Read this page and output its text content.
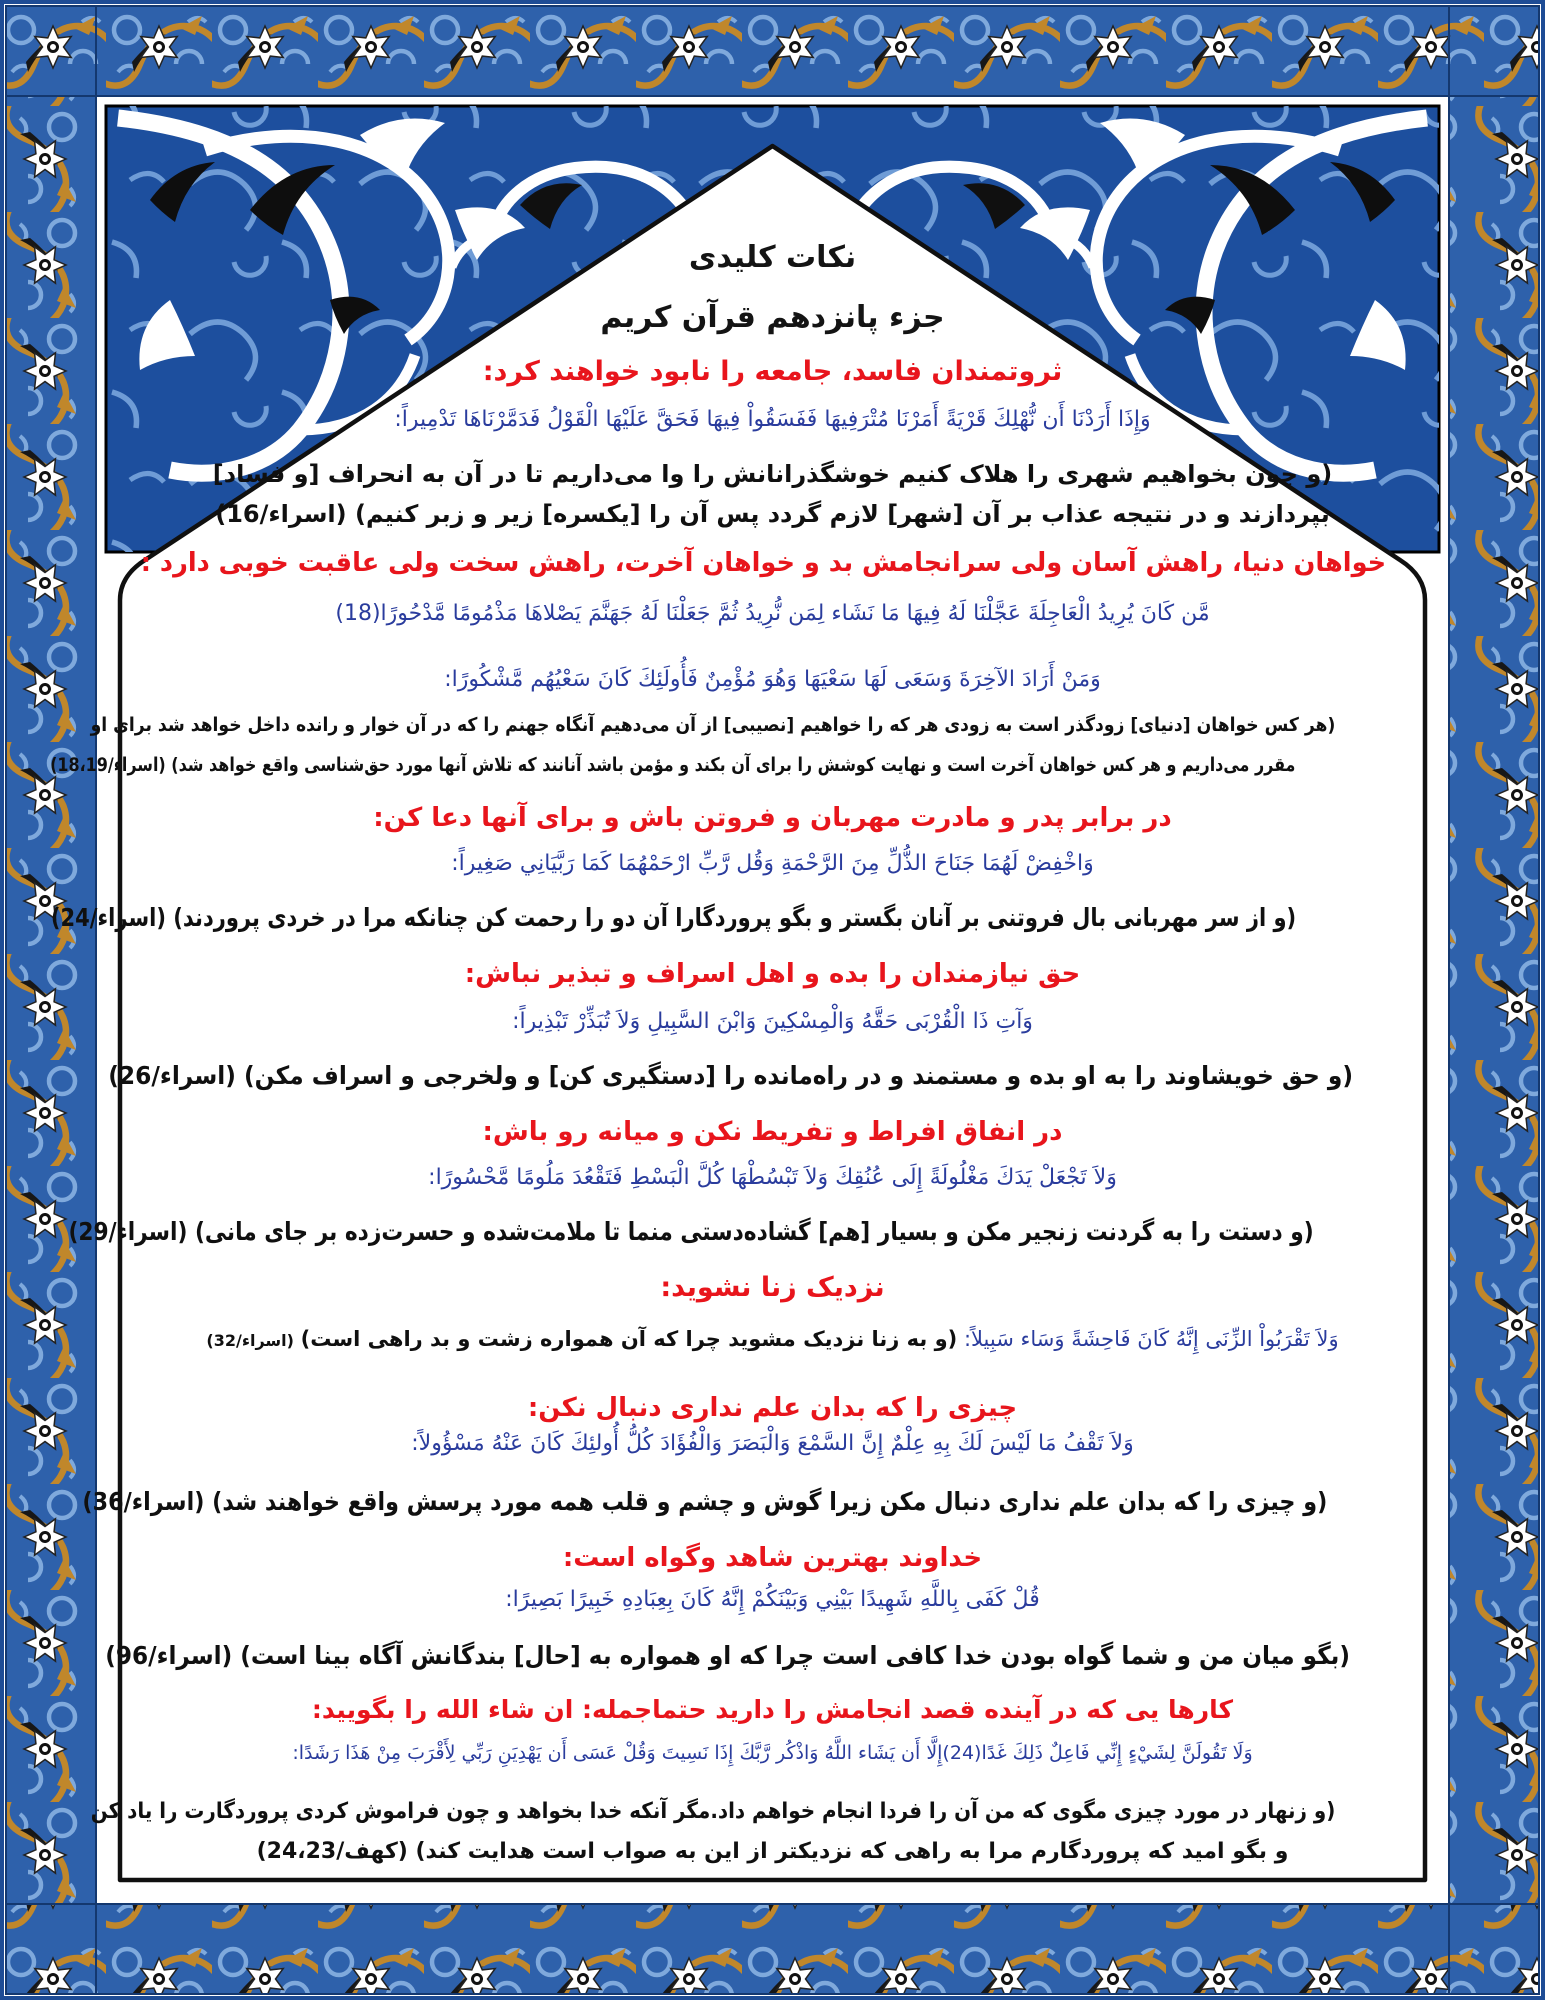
نکات کلیدی
جزء پانزدهم قرآن کریم
ثروتمندان فاسد، جامعه را نابود خواهند کرد:
وَإِذَا أَرَدْنَا أَن نُّهْلِكَ قَرْيَةً أَمَرْنَا مُتْرَفِيهَا فَفَسَقُواْ فِيهَا فَحَقَّ عَلَيْهَا الْقَوْلُ فَدَمَّرْنَاهَا تَدْمِيراً:
(و چون بخواهیم شهری را هلاک کنیم خوشگذرانانش را وا می‌داریم تا در آن به انحراف [و فساد]
بپردازند و در نتیجه عذاب بر آن [شهر] لازم گردد پس آن را [یکسره] زیر و زبر کنیم) (اسراء/16)
خواهان دنیا، راهش آسان ولی سرانجامش بد و خواهان آخرت، راهش سخت ولی عاقبت خوبی دارد :
مَّن كَانَ يُرِيدُ الْعَاجِلَةَ عَجَّلْنَا لَهُ فِيهَا مَا نَشَاء لِمَن نُّرِيدُ ثُمَّ جَعَلْنَا لَهُ جَهَنَّمَ يَصْلاهَا مَذْمُومًا مَّدْحُورًا(18)
وَمَنْ أَرَادَ الآخِرَةَ وَسَعَى لَهَا سَعْيَهَا وَهُوَ مُؤْمِنٌ فَأُولَئِكَ كَانَ سَعْيُهُم مَّشْكُورًا:
(هر کس خواهان [دنیای] زودگذر است به زودی هر که را خواهیم [نصیبی] از آن می‌دهیم آنگاه جهنم را که در آن خوار و رانده داخل خواهد شد برای او
مقرر می‌داریم و هر کس خواهان آخرت است و نهایت کوشش را برای آن بکند و مؤمن باشد آنانند که تلاش آنها مورد حق‌شناسی واقع خواهد شد) (اسراء/18،19)
در برابر پدر و مادرت مهربان و فروتن باش و برای آنها دعا کن:
وَاخْفِضْ لَهُمَا جَنَاحَ الذُّلِّ مِنَ الرَّحْمَةِ وَقُل رَّبِّ ارْحَمْهُمَا كَمَا رَبَّيَانِي صَغِيراً:
(و از سر مهربانی بال فروتنی بر آنان بگستر و بگو پروردگارا آن دو را رحمت کن چنانکه مرا در خردی پروردند) (اسراء/24)
حق نیازمندان را بده و اهل اسراف و تبذیر نباش:
وَآتِ ذَا الْقُرْبَى حَقَّهُ وَالْمِسْكِينَ وَابْنَ السَّبِيلِ وَلاَ تُبَذِّرْ تَبْذِيراً:
(و حق خویشاوند را به او بده و مستمند و در راه‌مانده را [دستگیری کن] و ولخرجی و اسراف مکن) (اسراء/26)
در انفاق افراط و تفریط نکن و میانه رو باش:
وَلاَ تَجْعَلْ يَدَكَ مَغْلُولَةً إِلَى عُنُقِكَ وَلاَ تَبْسُطْهَا كُلَّ الْبَسْطِ فَتَقْعُدَ مَلُومًا مَّحْسُورًا:
(و دستت را به گردنت زنجیر مکن و بسیار [هم] گشاده‌دستی منما تا ملامت‌شده و حسرت‌زده بر جای مانی) (اسراء/29)
نزدیک زنا نشوید:
وَلاَ تَقْرَبُواْ الزِّنَى إِنَّهُ كَانَ فَاحِشَةً وَسَاء سَبِيلاً: (و به زنا نزدیک مشوید چرا که آن همواره زشت و بد راهی است) (اسراء/32)
چیزی را که بدان علم نداری دنبال نکن:
وَلاَ تَقْفُ مَا لَيْسَ لَكَ بِهِ عِلْمٌ إِنَّ السَّمْعَ وَالْبَصَرَ وَالْفُؤَادَ كُلُّ أُولئِكَ كَانَ عَنْهُ مَسْؤُولاً:
(و چیزی را که بدان علم نداری دنبال مکن زیرا گوش و چشم و قلب همه مورد پرسش واقع خواهند شد) (اسراء/36)
خداوند بهترین شاهد وگواه است:
قُلْ كَفَى بِاللَّهِ شَهِيدًا بَيْنِي وَبَيْنَكُمْ إِنَّهُ كَانَ بِعِبَادِهِ خَبِيرًا بَصِيرًا:
(بگو میان من و شما گواه بودن خدا کافی است چرا که او همواره به [حال] بندگانش آگاه بینا است) (اسراء/96)
کارها یی که در آینده قصد انجامش را دارید حتماجمله: ان شاء الله را بگویید:
وَلَا تَقُولَنَّ لِشَيْءٍ إِنِّي فَاعِلٌ ذَلِكَ غَدًا(24)إِلَّا أَن يَشَاء اللَّهُ وَاذْكُر رَّبَّكَ إِذَا نَسِيتَ وَقُلْ عَسَى أَن يَهْدِيَنِ رَبِّي لِأَقْرَبَ مِنْ هَذَا رَشَدًا:
(و زنهار در مورد چیزی مگوی که من آن را فردا انجام خواهم داد.مگر آنکه خدا بخواهد و چون فراموش کردی پروردگارت را یاد کن
و بگو امید که پروردگارم مرا به راهی که نزدیکتر از این به صواب است هدایت کند) (کهف/24،23)
